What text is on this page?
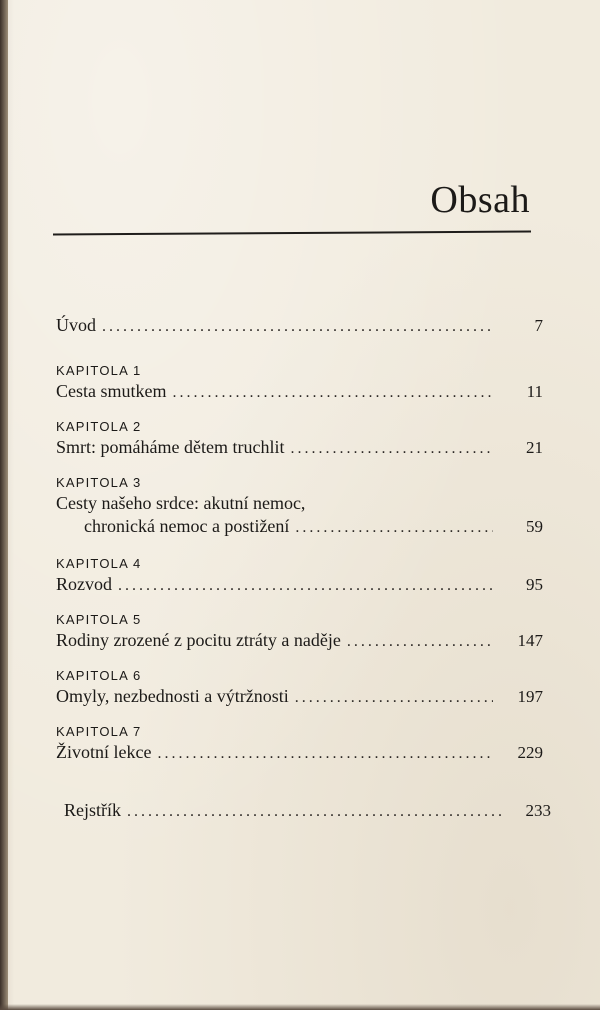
Obsah
Úvod .....	7
KAPITOLA 1
Cesta smutkem .....	11
KAPITOLA 2
Smrt: pomáháme dětem truchlit .....	21
KAPITOLA 3
Cesty našeho srdce: akutní nemoc,
chronická nemoc a postižení .....	59
KAPITOLA 4
Rozvod .....	95
KAPITOLA 5
Rodiny zrozené z pocitu ztráty a naděje .....	147
KAPITOLA 6
Omyly, nezbednosti a výtržnosti .....	197
KAPITOLA 7
Životní lekce .....	229
Rejstřík .....	233
